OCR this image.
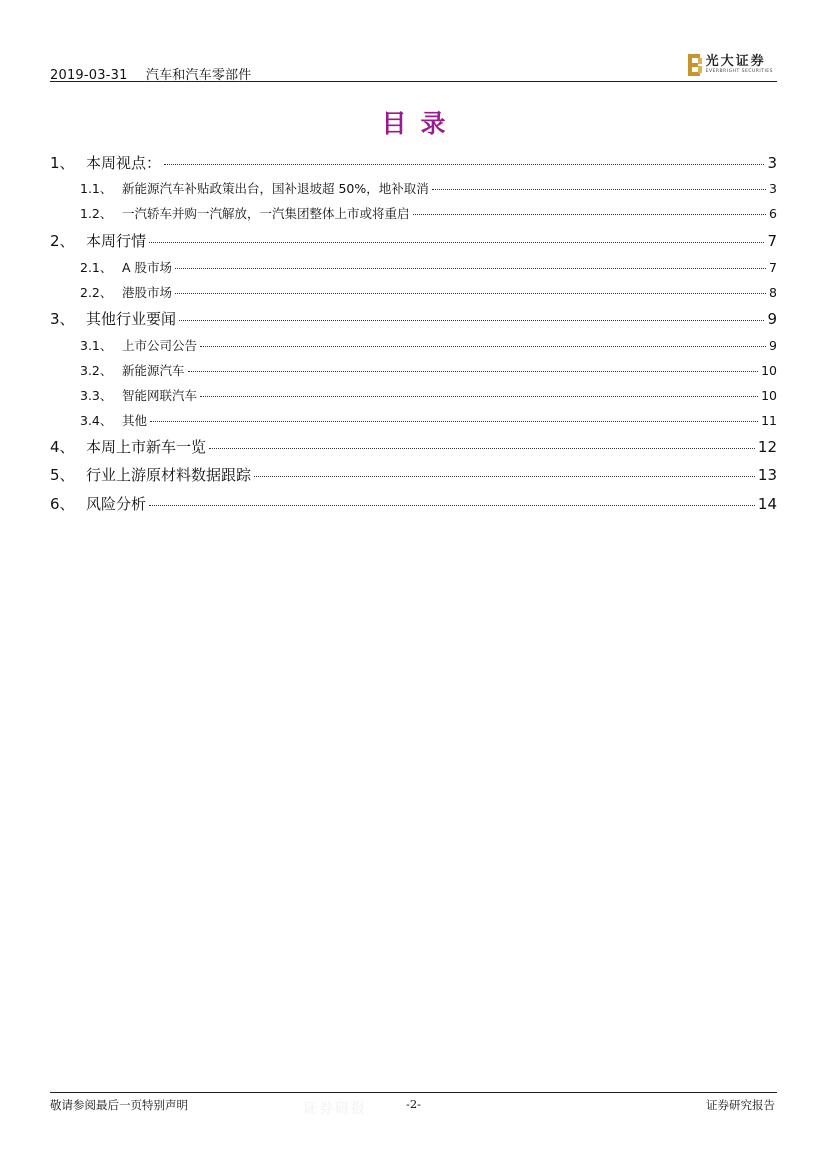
2019-03-31 汽车和汽车零部件
光大证券
EVERBRIGHT SECURITIES
目录
1、 本周视点：	3
1.1、 新能源汽车补贴政策出台，国补退坡超 50%，地补取消	3
1.2、 一汽轿车并购一汽解放，一汽集团整体上市或将重启	6
2、 本周行情	7
2.1、 A 股市场	7
2.2、 港股市场	8
3、 其他行业要闻	9
3.1、 上市公司公告	9
3.2、 新能源汽车	10
3.3、 智能网联汽车	10
3.4、 其他	11
4、 本周上市新车一览	12
5、 行业上游原材料数据跟踪	13
6、 风险分析	14
证券研报
敬请参阅最后一页特别声明	-2-	证券研究报告
